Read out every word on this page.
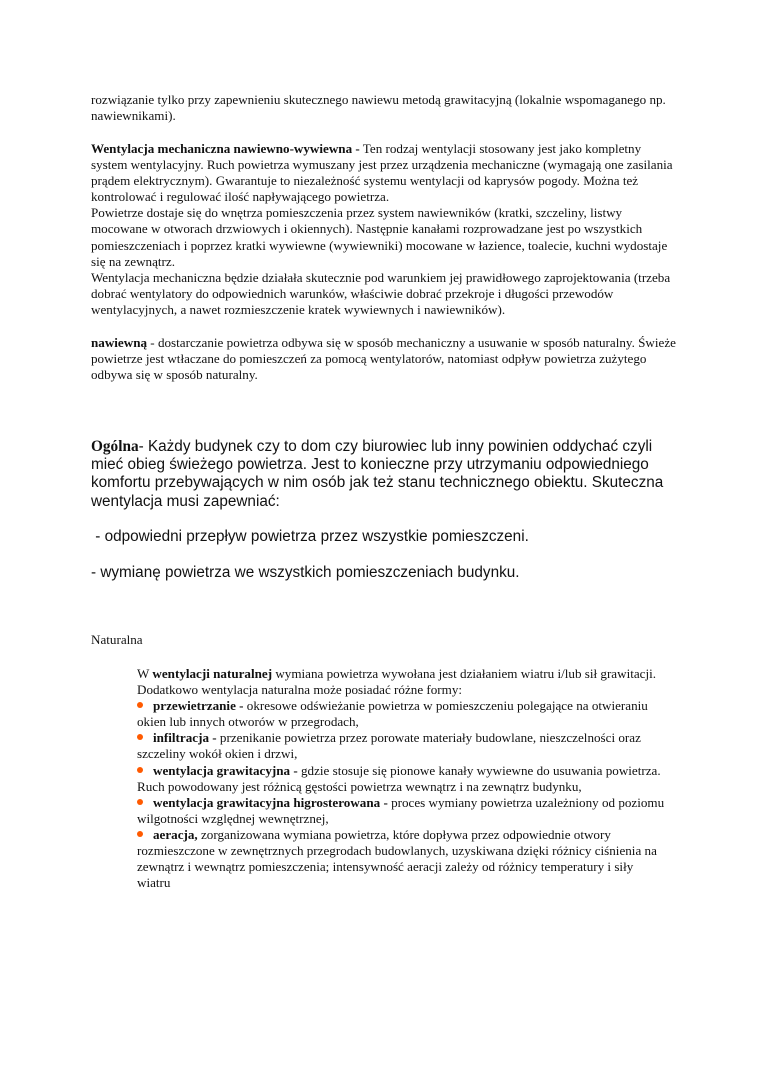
rozwiązanie tylko przy zapewnieniu skutecznego nawiewu metodą grawitacyjną (lokalnie wspomaganego np. nawiewnikami).

Wentylacja mechaniczna nawiewno-wywiewna - Ten rodzaj wentylacji stosowany jest jako kompletny system wentylacyjny. Ruch powietrza wymuszany jest przez urządzenia mechaniczne (wymagają one zasilania prądem elektrycznym). Gwarantuje to niezależność systemu wentylacji od kaprysów pogody. Można też kontrolować i regulować ilość napływającego powietrza.

Powietrze dostaje się do wnętrza pomieszczenia przez system nawiewników (kratki, szczeliny, listwy mocowane w otworach drzwiowych i okiennych). Następnie kanałami rozprowadzane jest po wszystkich pomieszczeniach i poprzez kratki wywiewne (wywiewniki) mocowane w łazience, toalecie, kuchni wydostaje się na zewnątrz.

Wentylacja mechaniczna będzie działała skutecznie pod warunkiem jej prawidłowego zaprojektowania (trzeba dobrać wentylatory do odpowiednich warunków, właściwie dobrać przekroje i długości przewodów wentylacyjnych, a nawet rozmieszczenie kratek wywiewnych i nawiewników).

nawiewną - dostarczanie powietrza odbywa się w sposób mechaniczny a usuwanie w sposób naturalny. Świeże powietrze jest wtłaczane do pomieszczeń za pomocą wentylatorów, natomiast odpływ powietrza zużytego odbywa się w sposób naturalny.

Ogólna- Każdy budynek czy to dom czy biurowiec lub inny powinien oddychać czyli mieć obieg świeżego powietrza. Jest to konieczne przy utrzymaniu odpowiedniego komfortu przebywających w nim osób jak też stanu technicznego obiektu. Skuteczna wentylacja musi zapewniać:

- odpowiedni przepływ powietrza przez wszystkie pomieszczeni.
- wymianę powietrza we wszystkich pomieszczeniach budynku.
Naturalna

W wentylacji naturalnej wymiana powietrza wywołana jest działaniem wiatru i/lub sił grawitacji. Dodatkowo wentylacja naturalna może posiadać różne formy:

przewietrzanie - okresowe odświeżanie powietrza w pomieszczeniu polegające na otwieraniu okien lub innych otworów w przegrodach,
infiltracja - przenikanie powietrza przez porowate materiały budowlane, nieszczelności oraz szczeliny wokół okien i drzwi,
wentylacja grawitacyjna - gdzie stosuje się pionowe kanały wywiewne do usuwania powietrza. Ruch powodowany jest różnicą gęstości powietrza wewnątrz i na zewnątrz budynku,
wentylacja grawitacyjna higrosterowana - proces wymiany powietrza uzależniony od poziomu wilgotności względnej wewnętrznej,
aeracja, zorganizowana wymiana powietrza, które dopływa przez odpowiednie otwory rozmieszczone w zewnętrznych przegrodach budowlanych, uzyskiwana dzięki różnicy ciśnienia na zewnątrz i wewnątrz pomieszczenia; intensywność aeracji zależy od różnicy temperatury i siły wiatru
